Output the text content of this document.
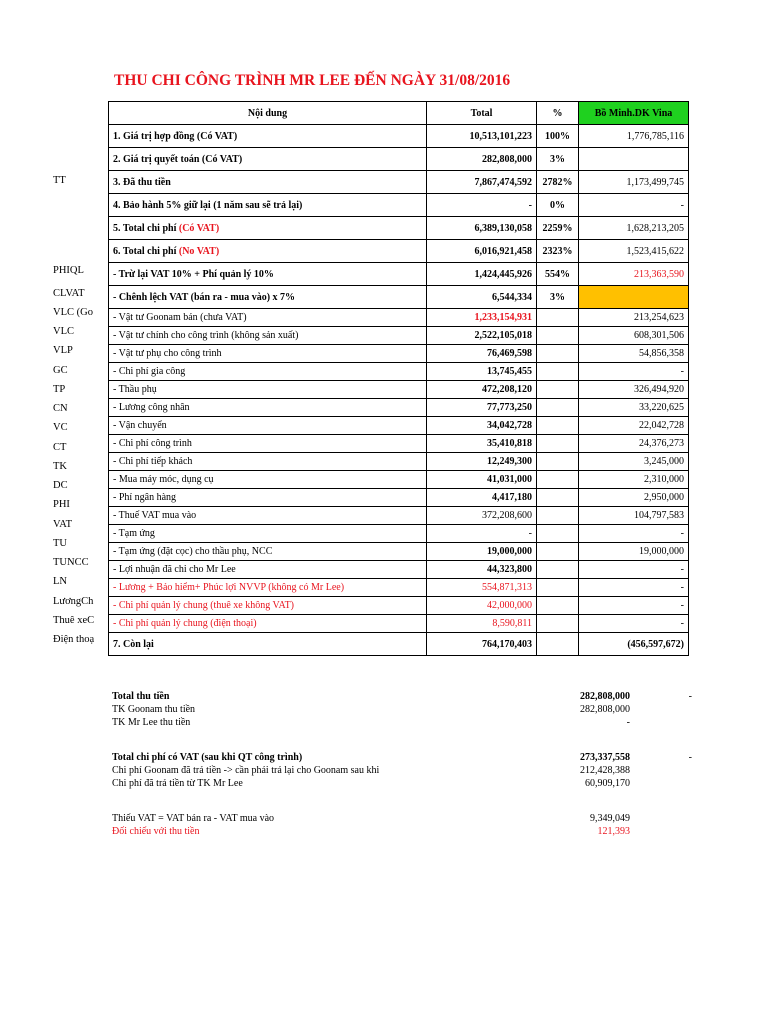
THU CHI CÔNG TRÌNH MR LEE ĐẾN NGÀY 31/08/2016
TT
PHIQL
CLVAT
VLC (Go
VLC
VLP
GC
TP
CN
VC
CT
TK
DC
PHI
VAT
TU
TUNCC
LN
LươngCh
Thuê xeC
Điện thoạ
Nội dung	Total	%	Bồ Minh.DK Vina
1. Giá trị hợp đồng (Có VAT)	10,513,101,223	100%	1,776,785,116
2. Giá trị quyết toán (Có VAT)	282,808,000	3%	
3. Đã thu tiền	7,867,474,592	2782%	1,173,499,745
4. Bảo hành 5% giữ lại (1 năm sau sẽ trả lại)	-	0%	-
5. Total chi phí (Có VAT)	6,389,130,058	2259%	1,628,213,205
6. Total chi phí (No VAT)	6,016,921,458	2323%	1,523,415,622
- Trừ lại VAT 10% + Phí quản lý 10%	1,424,445,926	554%	213,363,590
- Chênh lệch VAT (bán ra - mua vào) x 7%	6,544,334	3%	
- Vật tư Goonam bán (chưa VAT)	1,233,154,931		213,254,623
- Vật tư chính cho công trình (không sản xuất)	2,522,105,018		608,301,506
- Vật tư phụ cho công trình	76,469,598		54,856,358
- Chi phí gia công	13,745,455		-
- Thầu phụ	472,208,120		326,494,920
- Lương công nhân	77,773,250		33,220,625
- Vận chuyển	34,042,728		22,042,728
- Chi phí công trình	35,410,818		24,376,273
- Chi phí tiếp khách	12,249,300		3,245,000
- Mua máy móc, dụng cụ	41,031,000		2,310,000
- Phí ngân hàng	4,417,180		2,950,000
- Thuế VAT mua vào	372,208,600		104,797,583
- Tạm ứng	-		-
- Tạm ứng (đặt cọc) cho thầu phụ, NCC	19,000,000		19,000,000
- Lợi nhuận đã chi cho Mr Lee	44,323,800		-
- Lương + Bảo hiểm+ Phúc lợi NVVP (không có Mr Lee)	554,871,313		-
- Chi phí quản lý chung (thuê xe không VAT)	42,000,000		-
- Chi phí quản lý chung (điện thoại)	8,590,811		-
7. Còn lại	764,170,403		(456,597,672)
Total thu tiền	282,808,000	-
TK Goonam thu tiền	282,808,000
TK Mr Lee thu tiền	-
Total chi phí có VAT (sau khi QT công trình)	273,337,558	-
Chi phí Goonam đã trả tiền -> cần phải trả lại cho Goonam sau khi	212,428,388
Chi phí đã trả tiền từ TK Mr Lee	60,909,170
Thiếu VAT = VAT bán ra - VAT mua vào	9,349,049
Đối chiếu với thu tiền	121,393
